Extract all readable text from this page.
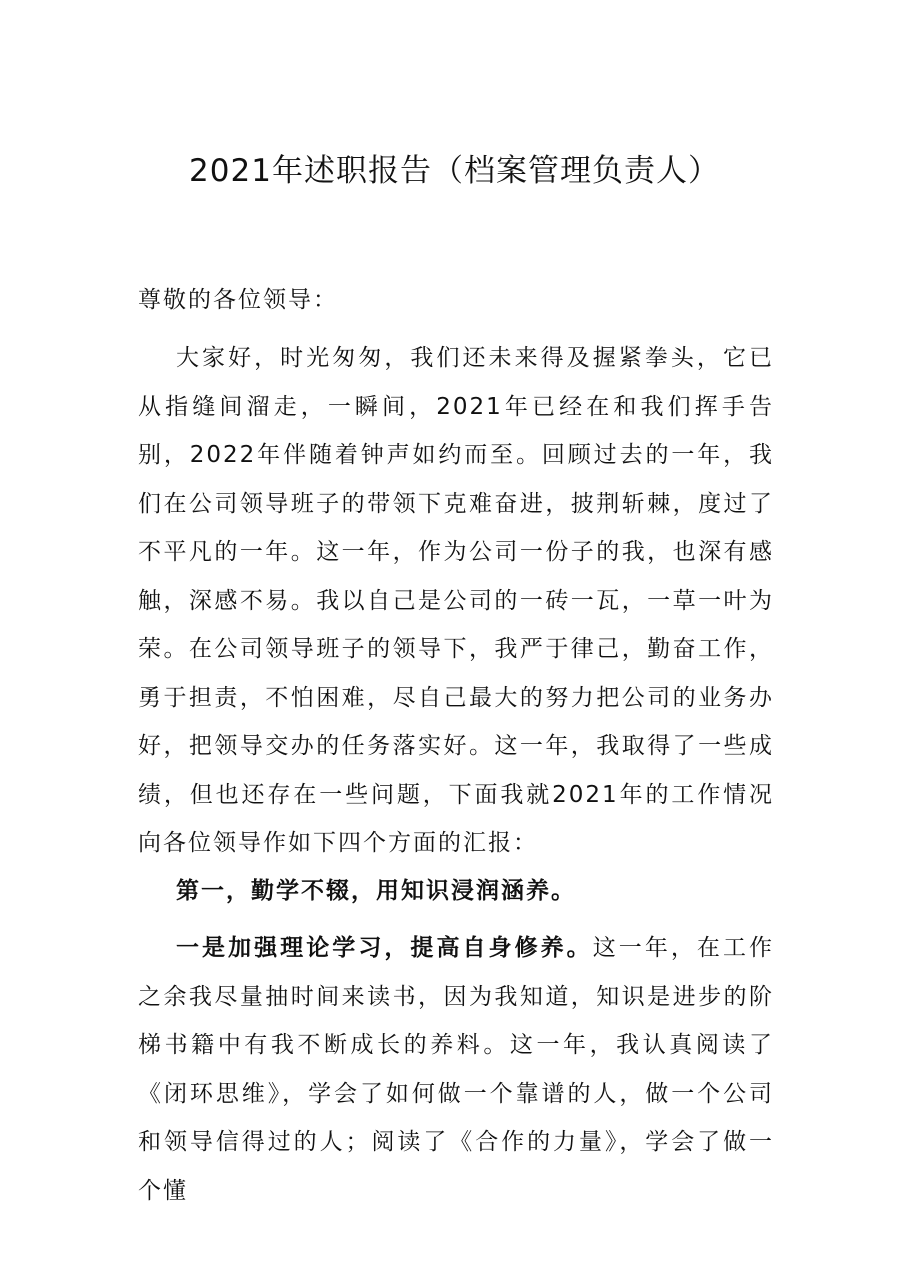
2021年述职报告（档案管理负责人）
尊敬的各位领导：
大家好，时光匆匆，我们还未来得及握紧拳头，它已从指缝间溜走，一瞬间，2021年已经在和我们挥手告别，2022年伴随着钟声如约而至。回顾过去的一年，我们在公司领导班子的带领下克难奋进，披荆斩棘，度过了不平凡的一年。这一年，作为公司一份子的我，也深有感触，深感不易。我以自己是公司的一砖一瓦，一草一叶为荣。在公司领导班子的领导下，我严于律己，勤奋工作，勇于担责，不怕困难，尽自己最大的努力把公司的业务办好，把领导交办的任务落实好。这一年，我取得了一些成绩，但也还存在一些问题，下面我就2021年的工作情况向各位领导作如下四个方面的汇报：
第一，勤学不辍，用知识浸润涵养。
一是加强理论学习，提高自身修养。这一年，在工作之余我尽量抽时间来读书，因为我知道，知识是进步的阶梯书籍中有我不断成长的养料。这一年，我认真阅读了《闭环思维》，学会了如何做一个靠谱的人，做一个公司和领导信得过的人；阅读了《合作的力量》，学会了做一个懂
